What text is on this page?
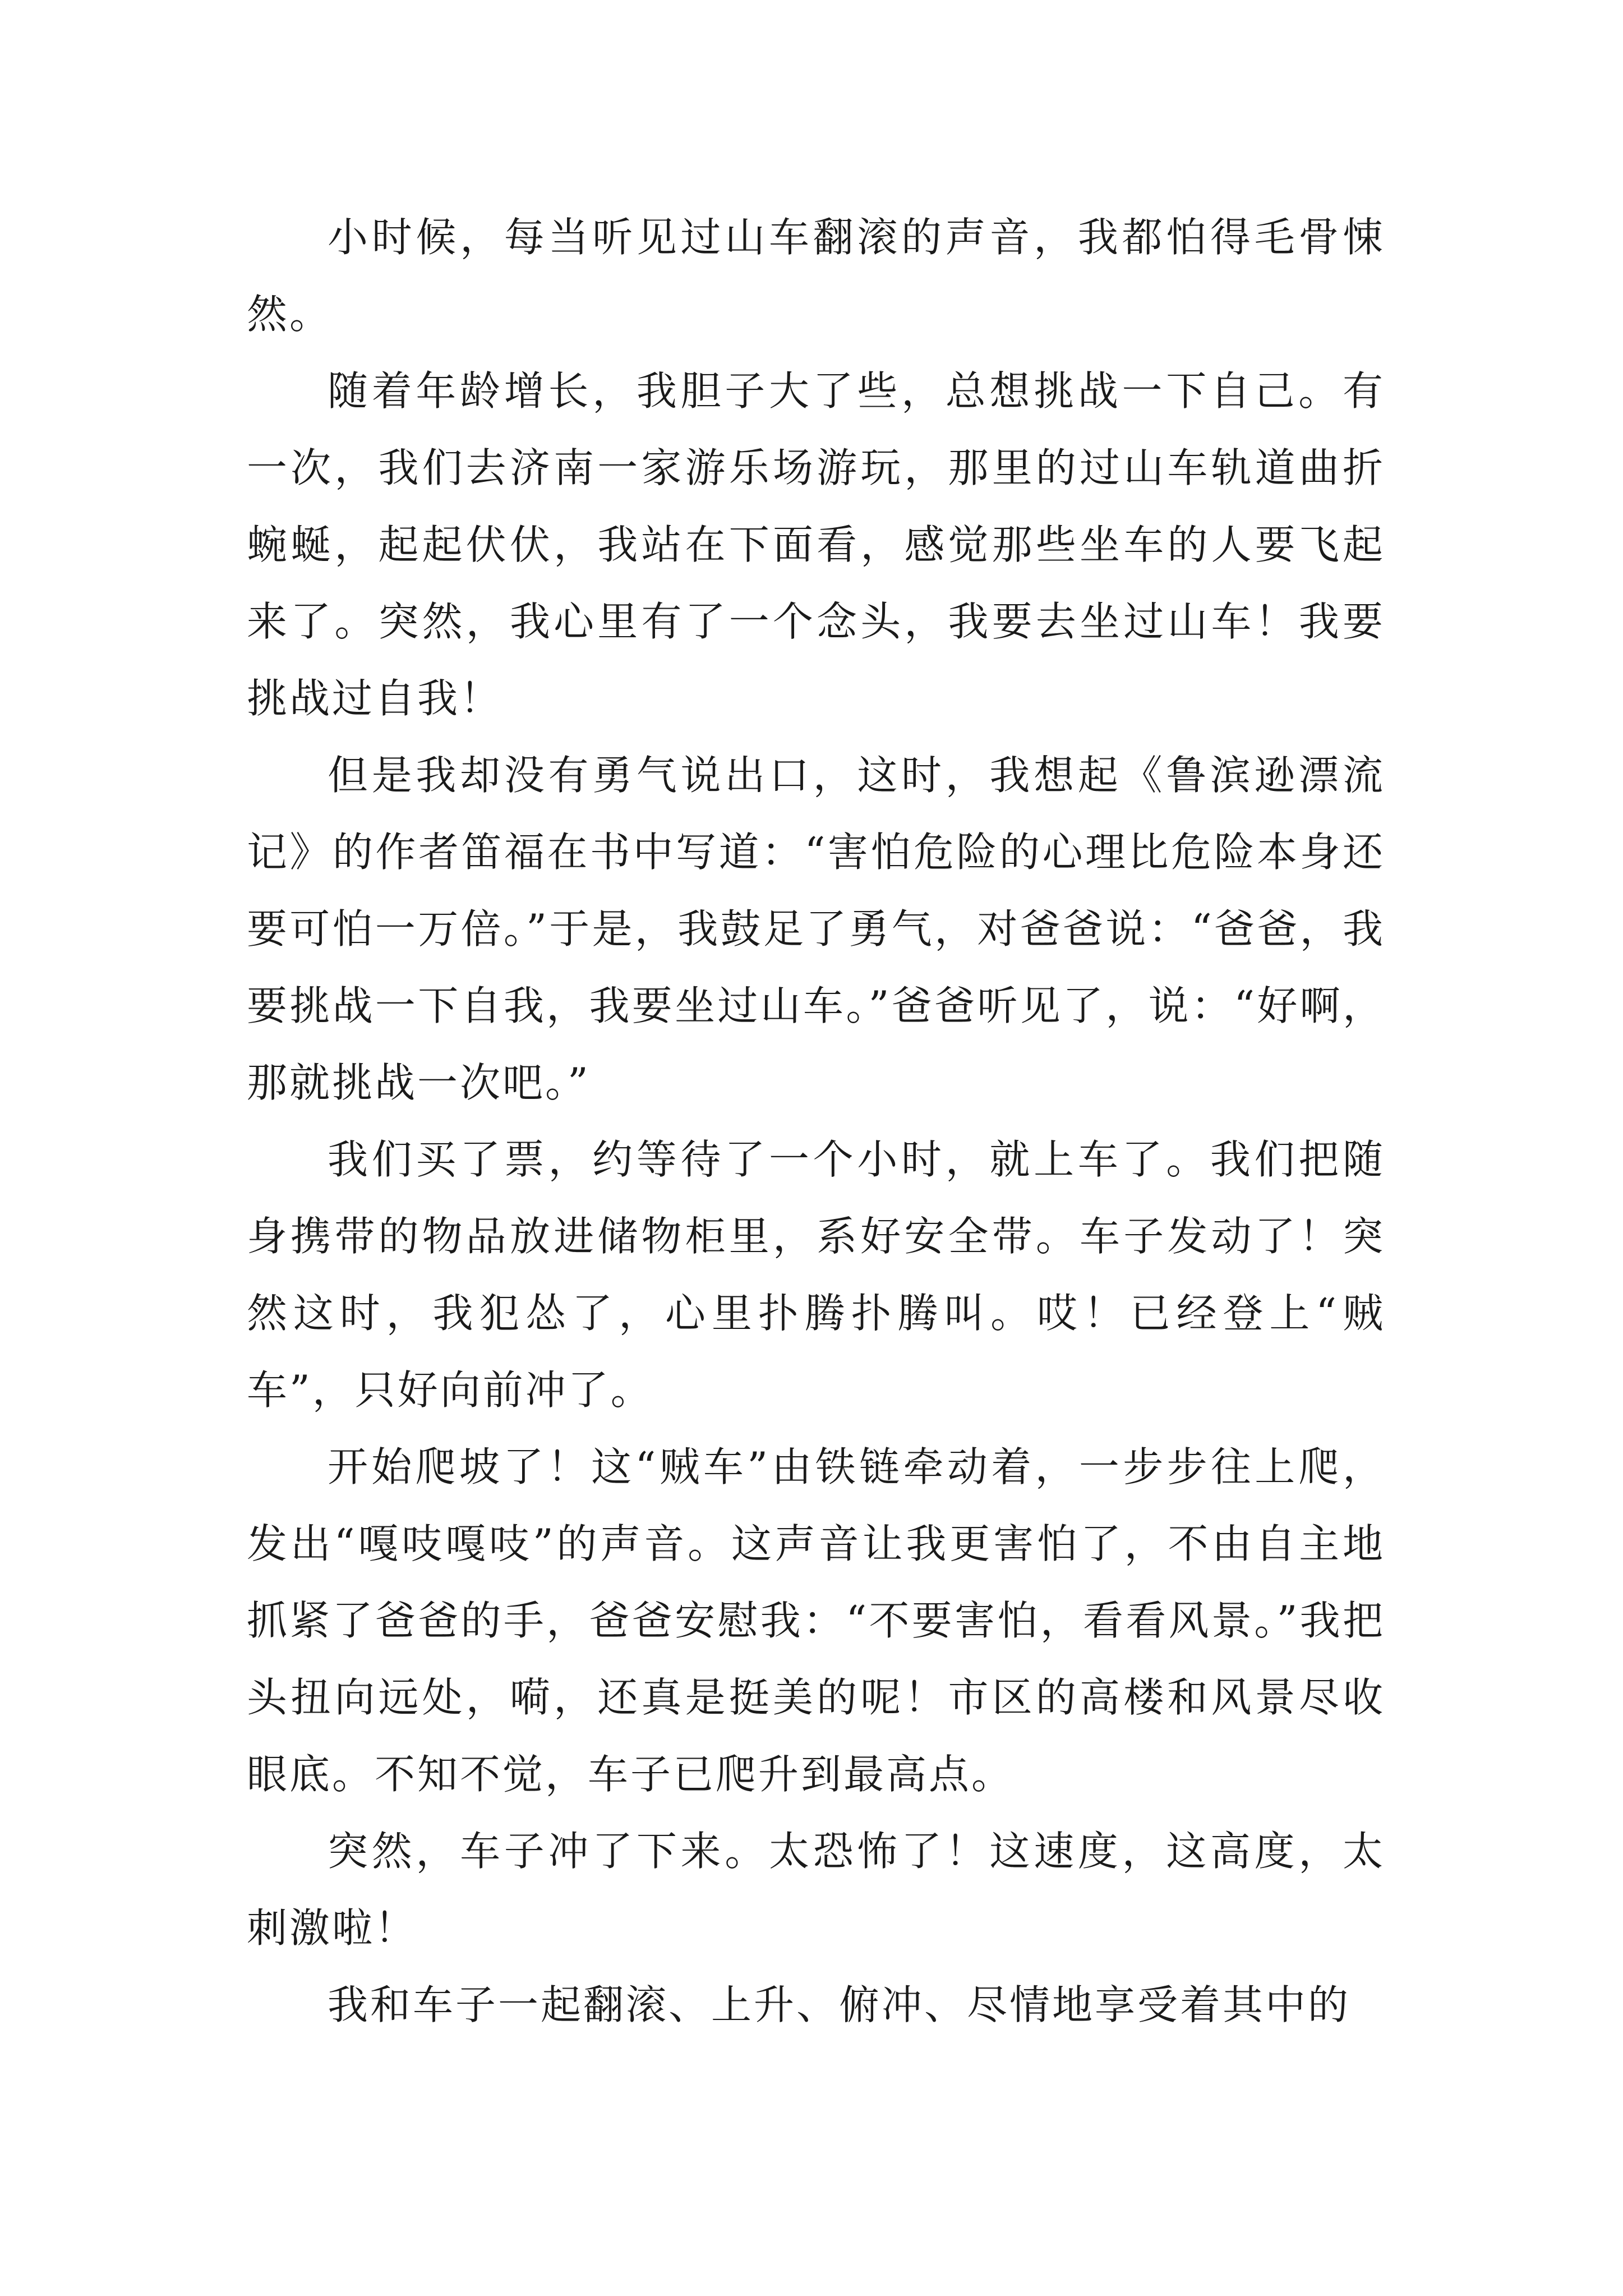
小时候，每当听见过山车翻滚的声音，我都怕得毛骨悚然。

随着年龄增长，我胆子大了些，总想挑战一下自己。有一次，我们去济南一家游乐场游玩，那里的过山车轨道曲折蜿蜒，起起伏伏，我站在下面看，感觉那些坐车的人要飞起来了。突然，我心里有了一个念头，我要去坐过山车！我要挑战过自我！

但是我却没有勇气说出口，这时，我想起《鲁滨逊漂流记》的作者笛福在书中写道：“害怕危险的心理比危险本身还要可怕一万倍。”于是，我鼓足了勇气，对爸爸说：“爸爸，我要挑战一下自我，我要坐过山车。”爸爸听见了，说：“好啊，那就挑战一次吧。”

我们买了票，约等待了一个小时，就上车了。我们把随身携带的物品放进储物柜里，系好安全带。车子发动了！突然这时，我犯怂了，心里扑腾扑腾叫。哎！已经登上“贼车”，只好向前冲了。

开始爬坡了！这“贼车”由铁链牵动着，一步步往上爬，发出“嘎吱嘎吱”的声音。这声音让我更害怕了，不由自主地抓紧了爸爸的手，爸爸安慰我：“不要害怕，看看风景。”我把头扭向远处，嗬，还真是挺美的呢！市区的高楼和风景尽收眼底。不知不觉，车子已爬升到最高点。

突然，车子冲了下来。太恐怖了！这速度，这高度，太刺激啦！

我和车子一起翻滚、上升、俯冲、尽情地享受着其中的
